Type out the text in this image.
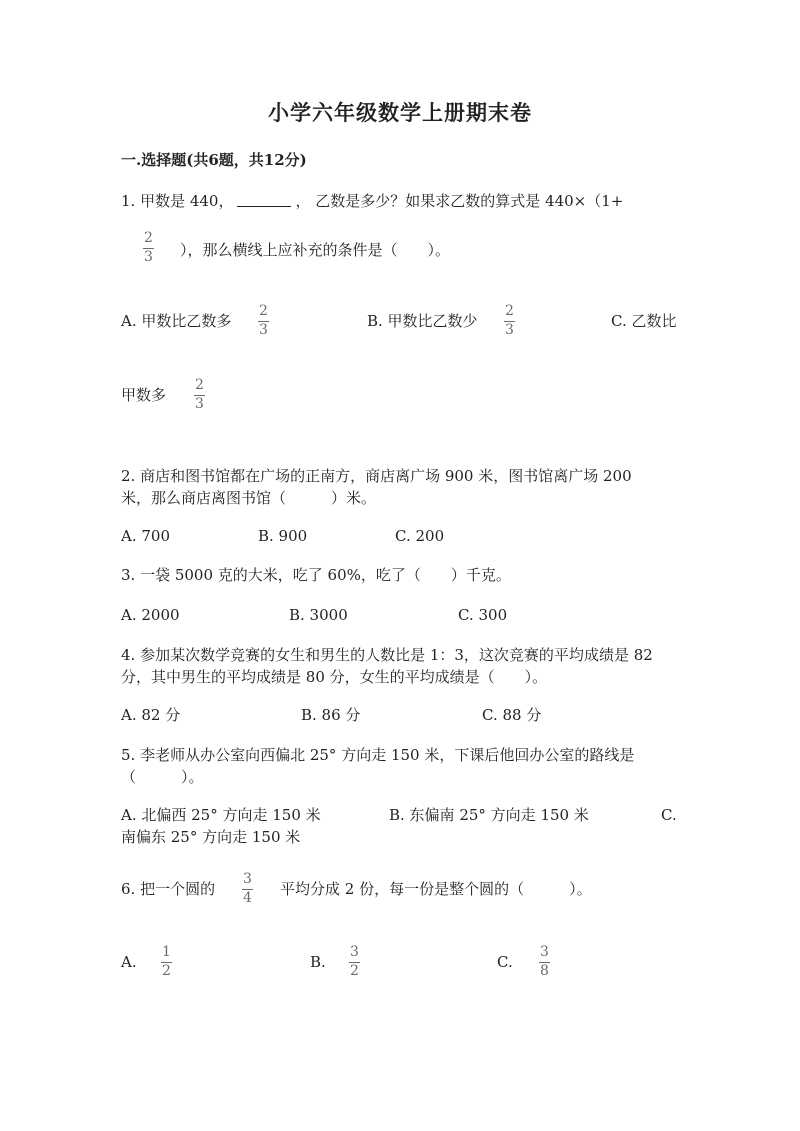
小学六年级数学上册期末卷
一.选择题(共6题，共12分)
1. 甲数是 440，	， 乙数是多少？如果求乙数的算式是 440×（1+
2
3 ），那么横线上应补充的条件是（　　）。
A. 甲数比乙数多
2
3	B. 甲数比乙数少
2
3	C. 乙数比
甲数多
2
3
2. 商店和图书馆都在广场的正南方，商店离广场 900 米，图书馆离广场 200
米，那么商店离图书馆（　　　）米。
A. 700	B. 900	C. 200
3. 一袋 5000 克的大米，吃了 60%，吃了（　　）千克。
A. 2000	B. 3000	C. 300
4. 参加某次数学竞赛的女生和男生的人数比是 1：3，这次竞赛的平均成绩是 82
分，其中男生的平均成绩是 80 分，女生的平均成绩是（　　）。
A. 82 分	B. 86 分	C. 88 分
5. 李老师从办公室向西偏北 25° 方向走 150 米，下课后他回办公室的路线是
（　　　）。
A. 北偏西 25° 方向走 150 米	B. 东偏南 25° 方向走 150 米	C.
南偏东 25° 方向走 150 米
6. 把一个圆的
3
4 平均分成 2 份，每一份是整个圆的（　　　）。
A.
1
2	B.
3
2	C.
3
8
